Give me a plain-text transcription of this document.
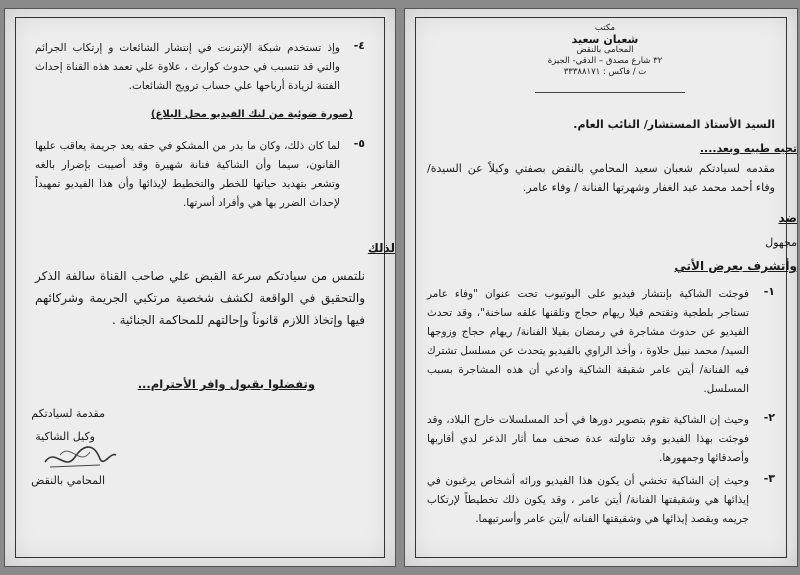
٤-
وإذ تستخدم شبكة الإنترنت في إنتشار الشائعات و إرتكاب الجرائم والتي قد تتسبب في حدوث كوارث ، علاوة علي تعمد هذه القناة إحداث الفتنة لزيادة أرباحها علي حساب ترويج الشائعات.
(صورة ضوئية من لنك الفيديو محل البلاغ)
٥-
لما كان ذلك، وكان ما بدر من المشكو في حقه يعد جريمة يعاقب عليها القانون، سيما وأن الشاكية فنانة شهيرة وقد أصيبت بإضرار بالغه وتشعر بتهديد حياتها للخطر والتخطيط لإيذائها وأن هذا الفيديو تمهيداً لإحداث الضرر بها هي وأفراد أسرتها.
لذلك
نلتمس من سيادتكم سرعة القبض علي صاحب القناة سالفة الذكر والتحقيق في الواقعة لكشف شخصية مرتكبي الجريمة وشركائهم فيها وإتخاذ اللازم قانوناً وإحالتهم للمحاكمة الجنائية .
وتفضلوا بقبول وافر الأحترام...
مقدمة لسيادتكم
وكيل الشاكية
المحامي بالنقض
مكتب
شعبان سعيد
المحامى بالنقض
٣٢ شارع مصدق – الدقي- الجيزة
ت / فاكس : ٣٣٣٨٨١٧١
السيد الأستاذ المستشار/ النائب العام.
تحيه طيبه وبعد....
مقدمه لسيادتكم شعبان سعيد المحامي بالنقض بصفتي وكيلاً عن السيدة/ وفاء أحمد محمد عبد الغفار وشهرتها الفنانة / وفاء عامر.
ضد
مجهول
وأتشرف بعرض الأتي
١-
فوجئت الشاكية بإنتشار فيديو على اليوتيوب تحت عنوان "وفاء عامر تستاجر بلطجية وتقتحم فيلا ريهام حجاج وتلقنها علقه ساخنة"، وقد تحدث الفيديو عن حدوث مشاجرة في رمضان بفيلا الفنانة/ ريهام حجاج وزوجها السيد/ محمد نبيل حلاوة ، وأخذ الراوي بالفيديو يتحدث عن مسلسل تشترك فيه الفنانة/ أيتن عامر شقيقة الشاكية وادعي أن هذه المشاجرة بسبب المسلسل.
٢-
وحيث إن الشاكية تقوم بتصوير دورها في أحد المسلسلات خارج البلاد، وقد فوجئت بهذا الفيديو وقد تناولته عدة صحف مما أثار الذعر لدي أقاربها وأصدقائها وجمهورها.
٣-
وحيث إن الشاكية تخشي أن يكون هذا الفيديو ورائه أشخاص يرغبون في إيذائها هي وشقيقتها الفنانة/ أيتن عامر ، وقد يكون ذلك تخطيطاً لإرتكاب جريمه وبقصد إيذائها هي وشقيقتها الفنانه /أيتن عامر وأسرتيهما.
